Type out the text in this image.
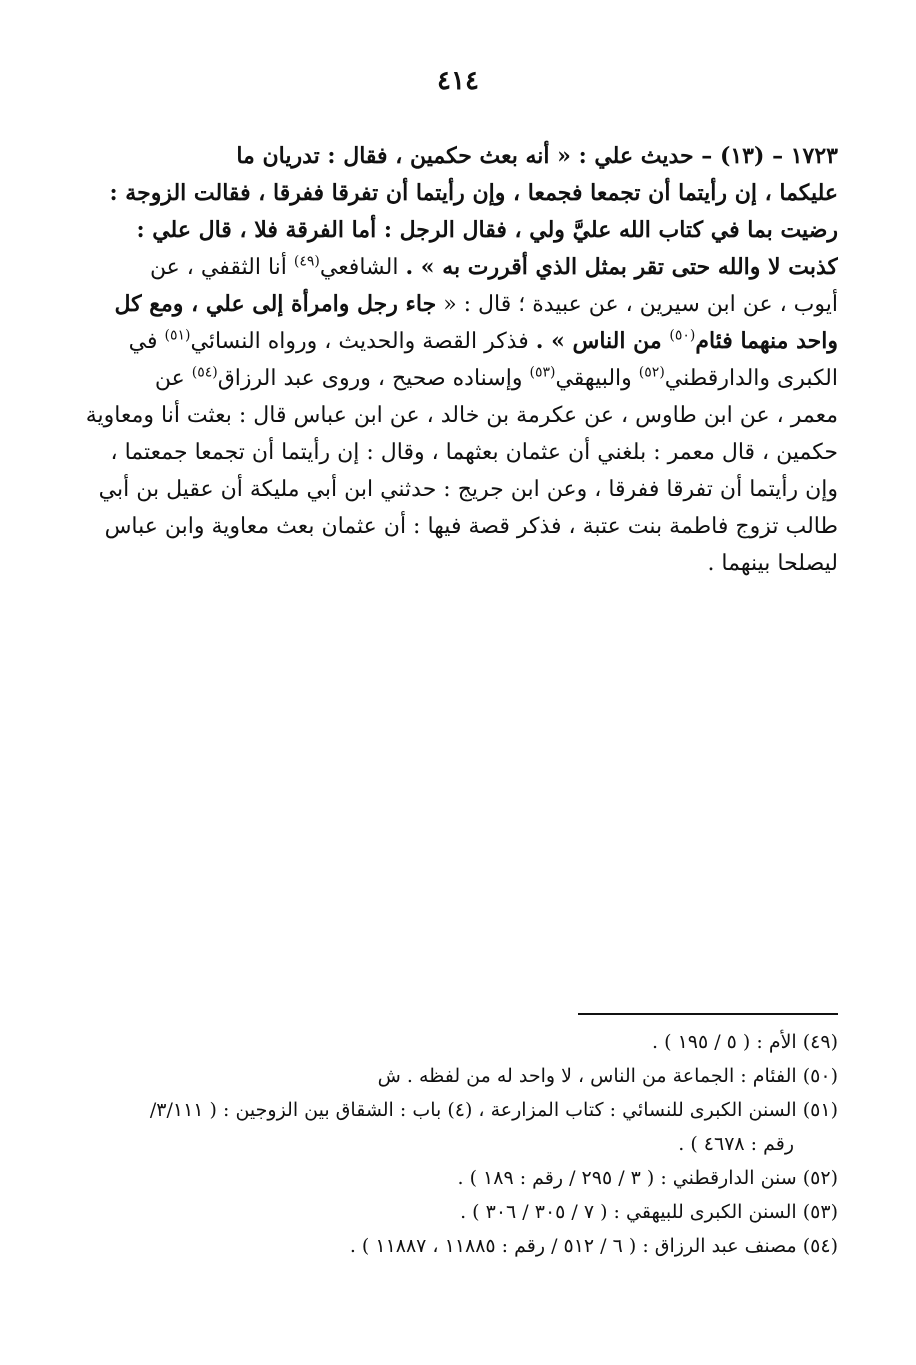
٤١٤
١٧٢٣ – (١٣) – حديث علي : « أنه بعث حكمين ، فقال : تدريان ما
عليكما ، إن رأيتما أن تجمعا فجمعا ، وإن رأيتما أن تفرقا ففرقا ، فقالت الزوجة :
رضيت بما في كتاب الله عليَّ ولي ، فقال الرجل : أما الفرقة فلا ، قال علي :
كذبت لا والله حتى تقر بمثل الذي أقررت به » . الشافعي$^{(٤٩)}$ أنا الثقفي ، عن
أيوب ، عن ابن سيرين ، عن عبيدة ؛ قال : « جاء رجل وامرأة إلى علي ، ومع كل
واحد منهما فئام$^{(٥٠)}$ من الناس » . فذكر القصة والحديث ، ورواه النسائي$^{(٥١)}$ في
الكبرى والدارقطني$^{(٥٢)}$ والبيهقي$^{(٥٣)}$ وإسناده صحيح ، وروى عبد الرزاق$^{(٥٤)}$ عن
معمر ، عن ابن طاوس ، عن عكرمة بن خالد ، عن ابن عباس قال : بعثت أنا ومعاوية
حكمين ، قال معمر : بلغني أن عثمان بعثهما ، وقال : إن رأيتما أن تجمعا جمعتما ،
وإن رأيتما أن تفرقا ففرقا ، وعن ابن جريج : حدثني ابن أبي مليكة أن عقيل بن أبي
طالب تزوج فاطمة بنت عتبة ، فذكر قصة فيها : أن عثمان بعث معاوية وابن عباس
ليصلحا بينهما .
(٤٩) الأم : ( ٥ / ١٩٥ ) .
(٥٠) الفئام : الجماعة من الناس ، لا واحد له من لفظه . ش
(٥١) السنن الكبرى للنسائي : كتاب المزارعة ، (٤) باب : الشقاق بين الزوجين : ( ٣/١١١/
رقم : ٤٦٧٨ ) .
(٥٢) سنن الدارقطني : ( ٣ / ٢٩٥ / رقم : ١٨٩ ) .
(٥٣) السنن الكبرى للبيهقي : ( ٧ / ٣٠٥ / ٣٠٦ ) .
(٥٤) مصنف عبد الرزاق : ( ٦ / ٥١٢ / رقم : ١١٨٨٥ ، ١١٨٨٧ ) .
